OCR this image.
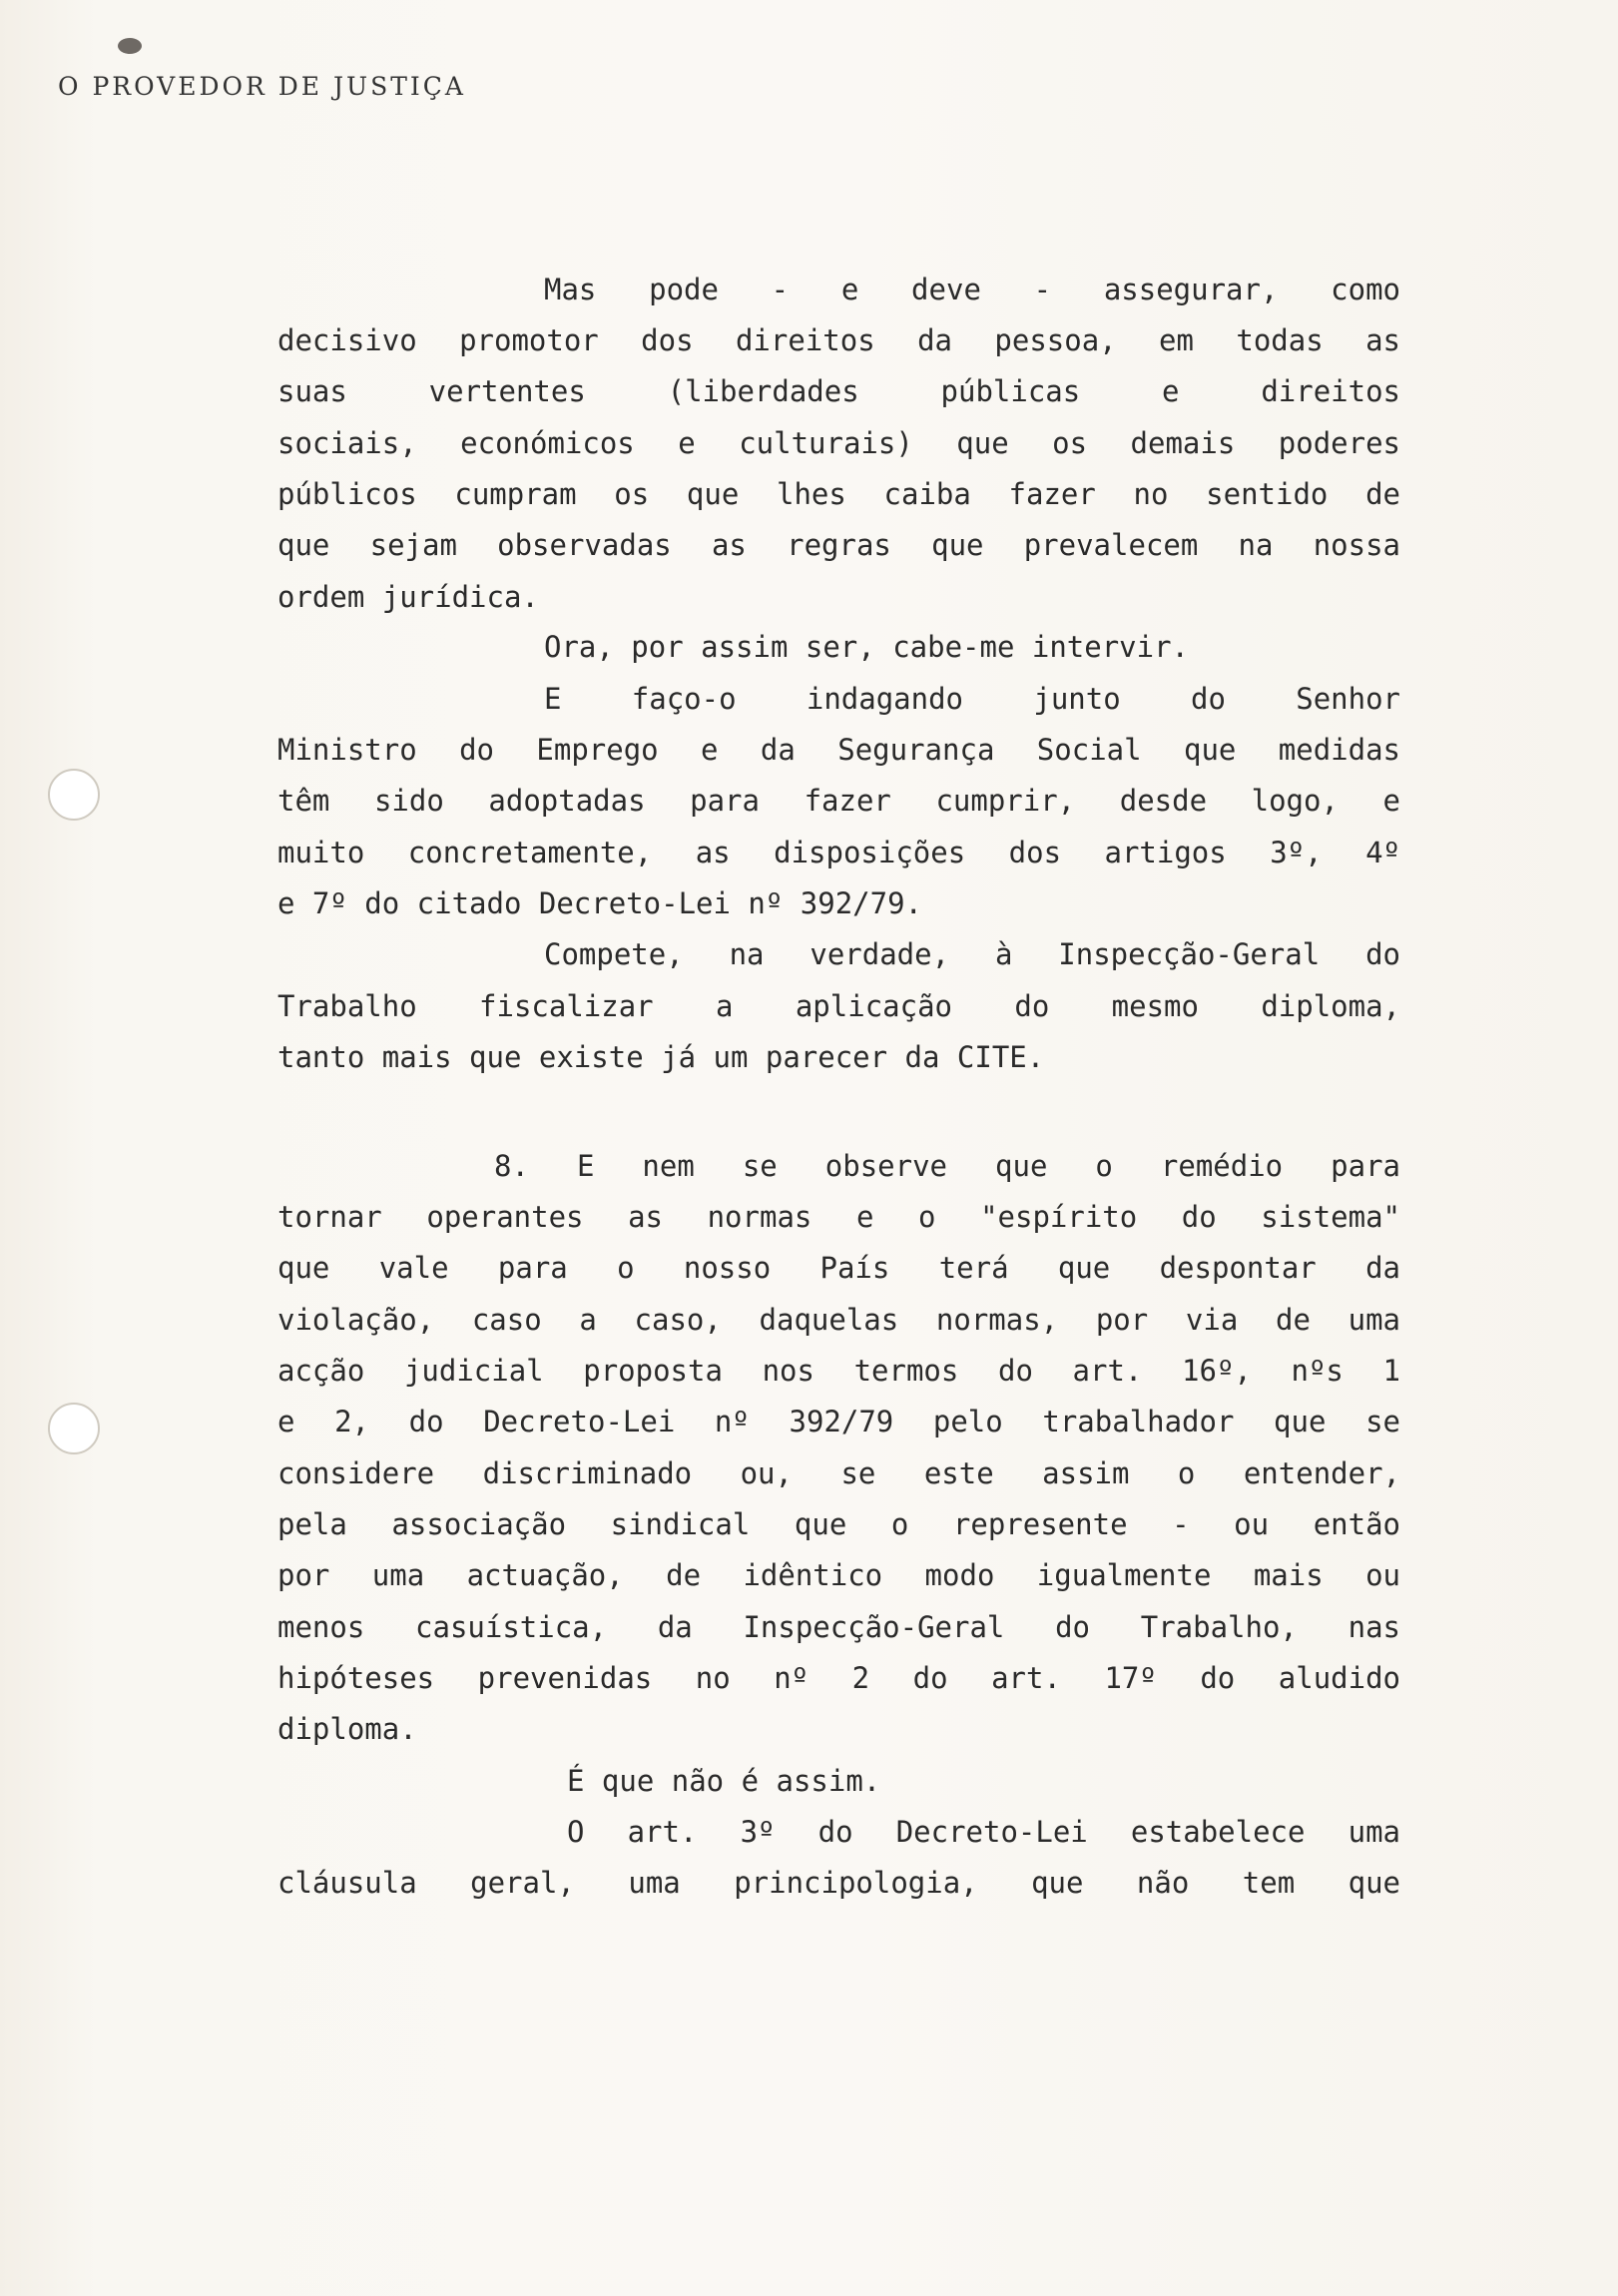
O PROVEDOR DE JUSTIÇA
Mas pode - e deve - assegurar, como
decisivo promotor dos direitos da pessoa, em todas as
suas vertentes (liberdades públicas e direitos
sociais, económicos e culturais) que os demais poderes
públicos cumpram os que lhes caiba fazer no sentido de
que sejam observadas as regras que prevalecem na nossa
ordem jurídica.
Ora, por assim ser, cabe-me intervir.
E faço-o indagando junto do Senhor
Ministro do Emprego e da Segurança Social que medidas
têm sido adoptadas para fazer cumprir, desde logo, e
muito concretamente, as disposições dos artigos 3º, 4º
e 7º do citado Decreto-Lei nº 392/79.
Compete, na verdade, à Inspecção-Geral do
Trabalho fiscalizar a aplicação do mesmo diploma,
tanto mais que existe já um parecer da CITE.
8. E nem se observe que o remédio para
tornar operantes as normas e o "espírito do sistema"
que vale para o nosso País terá que despontar da
violação, caso a caso, daquelas normas, por via de uma
acção judicial proposta nos termos do art. 16º, nºs 1
e 2, do Decreto-Lei nº 392/79 pelo trabalhador que se
considere discriminado ou, se este assim o entender,
pela associação sindical que o represente - ou então
por uma actuação, de idêntico modo igualmente mais ou
menos casuística, da Inspecção-Geral do Trabalho, nas
hipóteses prevenidas no nº 2 do art. 17º do aludido
diploma.
É que não é assim.
O art. 3º do Decreto-Lei estabelece uma
cláusula geral, uma principologia, que não tem que
